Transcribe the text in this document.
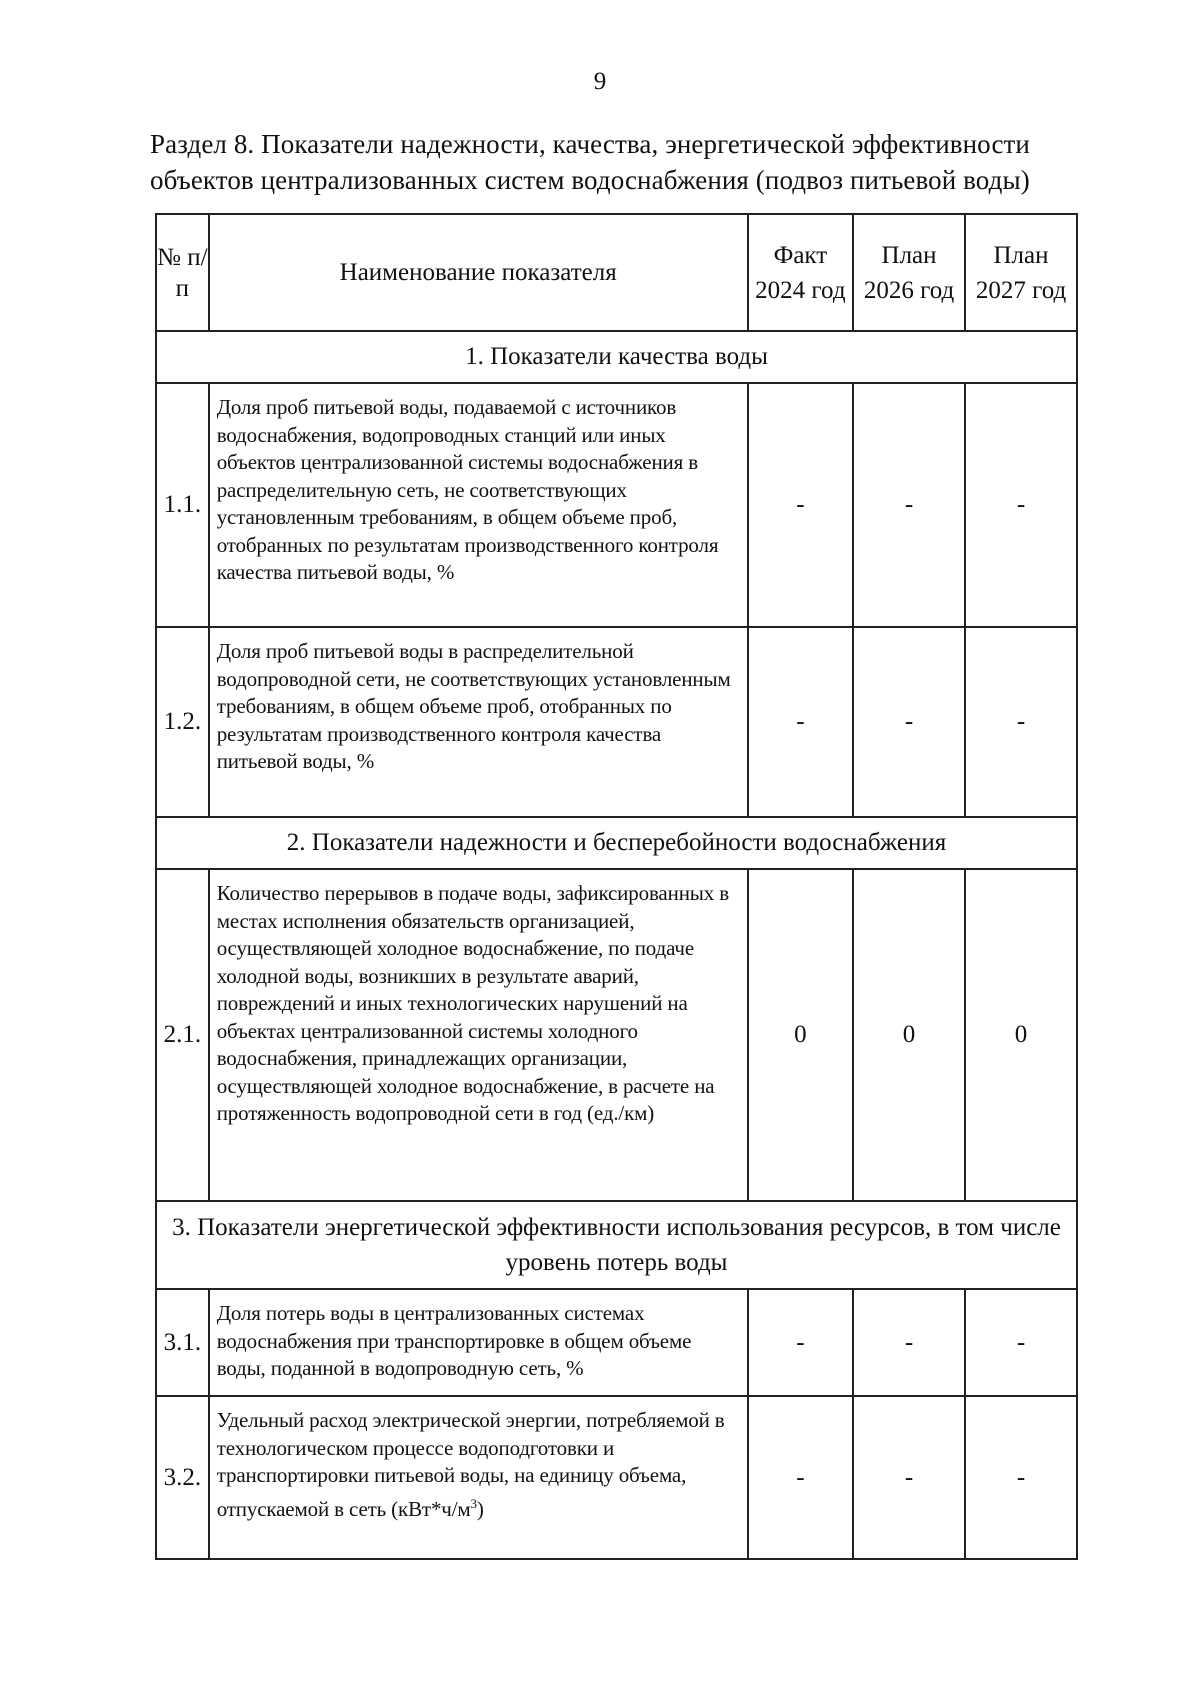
9
Раздел 8. Показатели надежности, качества, энергетической эффективности объектов централизованных систем водоснабжения (подвоз питьевой воды)
№ п/п	Наименование показателя	Факт 2024 год	План 2026 год	План 2027 год
1. Показатели качества воды				
1.1.	Доля проб питьевой воды, подаваемой с источников водоснабжения, водопроводных станций или иных объектов централизованной системы водоснабжения в распределительную сеть, не соответствующих установленным требованиям, в общем объеме проб, отобранных по результатам производственного контроля качества питьевой воды, %	-	-	-
1.2.	Доля проб питьевой воды в распределительной водопроводной сети, не соответствующих установленным требованиям, в общем объеме проб, отобранных по результатам производственного контроля качества питьевой воды, %	-	-	-
2. Показатели надежности и бесперебойности водоснабжения				
2.1.	Количество перерывов в подаче воды, зафиксированных в местах исполнения обязательств организацией, осуществляющей холодное водоснабжение, по подаче холодной воды, возникших в результате аварий, повреждений и иных технологических нарушений на объектах централизованной системы холодного водоснабжения, принадлежащих организации, осуществляющей холодное водоснабжение, в расчете на протяженность водопроводной сети в год (ед./км)	0	0	0
3. Показатели энергетической эффективности использования ресурсов, в том числе уровень потерь воды				
3.1.	Доля потерь воды в централизованных системах водоснабжения при транспортировке в общем объеме воды, поданной в водопроводную сеть, %	-	-	-
3.2.	Удельный расход электрической энергии, потребляемой в технологическом процессе водоподготовки и транспортировки питьевой воды, на единицу объема, отпускаемой в сеть $(кВт*ч/м^3)$	-	-	-
